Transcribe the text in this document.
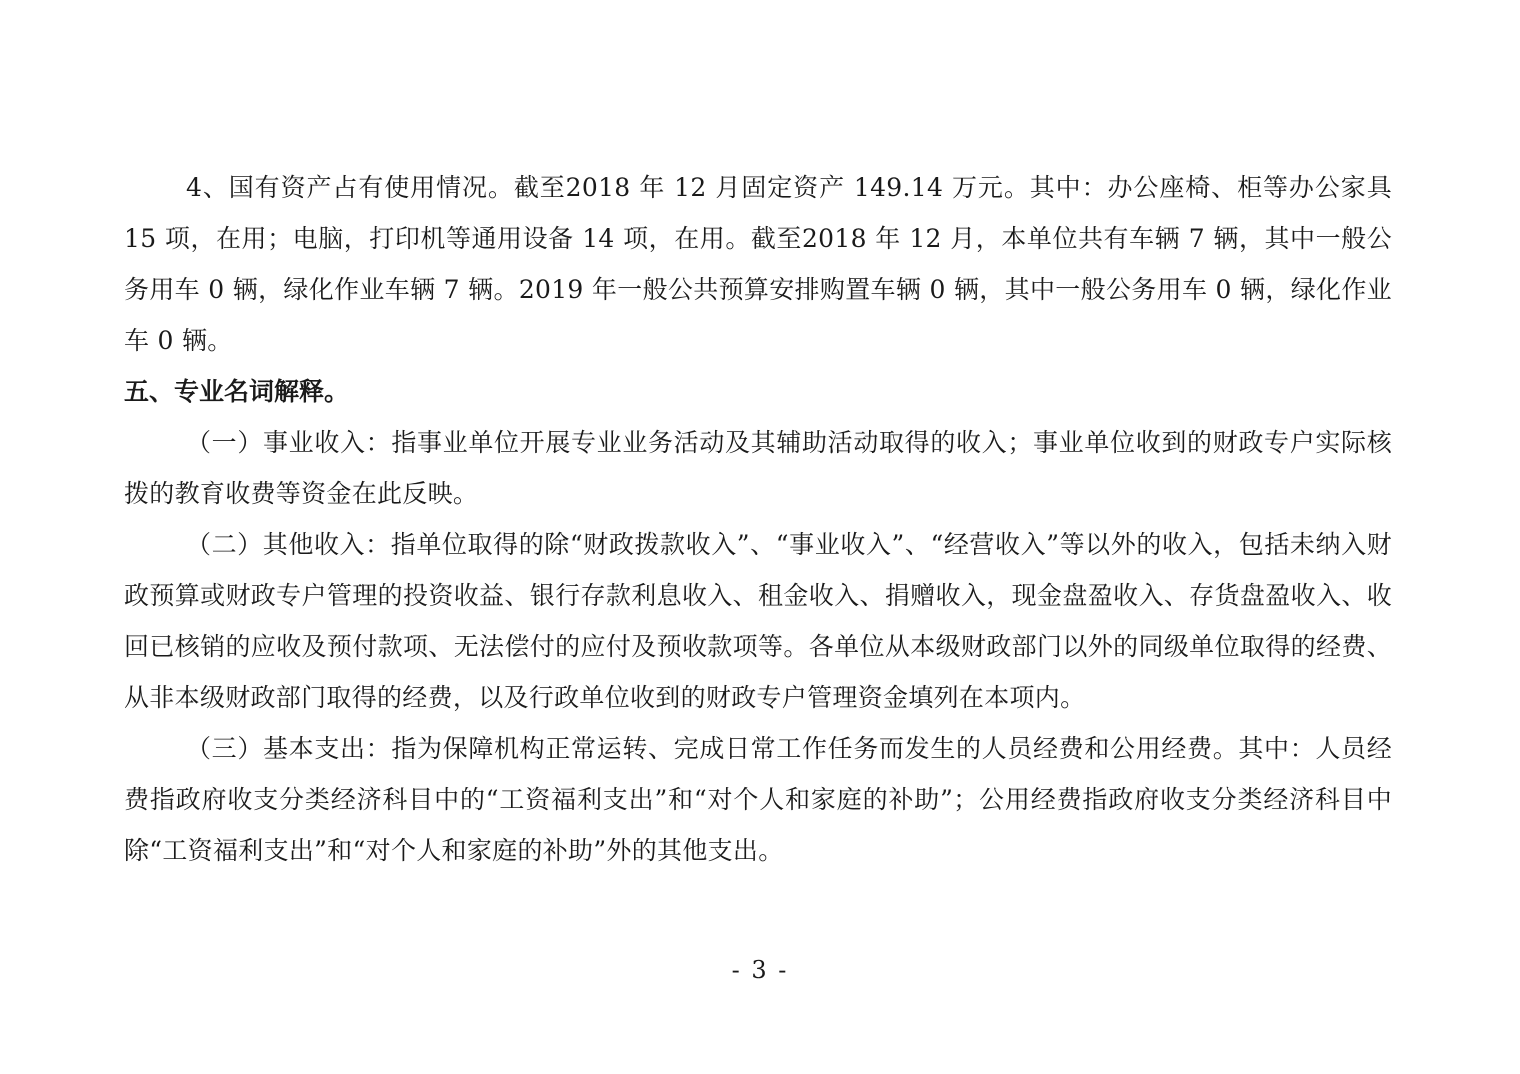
4、国有资产占有使用情况。截至2018 年 12 月固定资产 149.14 万元。其中：办公座椅、柜等办公家具 15 项，在用；电脑，打印机等通用设备 14 项，在用。截至2018 年 12 月，本单位共有车辆 7 辆，其中一般公务用车 0 辆，绿化作业车辆 7 辆。2019 年一般公共预算安排购置车辆 0 辆，其中一般公务用车 0 辆，绿化作业车 0 辆。

五、专业名词解释。

（一）事业收入：指事业单位开展专业业务活动及其辅助活动取得的收入；事业单位收到的财政专户实际核拨的教育收费等资金在此反映。

（二）其他收入：指单位取得的除“财政拨款收入”、“事业收入”、“经营收入”等以外的收入，包括未纳入财政预算或财政专户管理的投资收益、银行存款利息收入、租金收入、捐赠收入，现金盘盈收入、存货盘盈收入、收回已核销的应收及预付款项、无法偿付的应付及预收款项等。各单位从本级财政部门以外的同级单位取得的经费、从非本级财政部门取得的经费，以及行政单位收到的财政专户管理资金填列在本项内。

（三）基本支出：指为保障机构正常运转、完成日常工作任务而发生的人员经费和公用经费。其中：人员经费指政府收支分类经济科目中的“工资福利支出”和“对个人和家庭的补助”；公用经费指政府收支分类经济科目中除“工资福利支出”和“对个人和家庭的补助”外的其他支出。

- 3 -
